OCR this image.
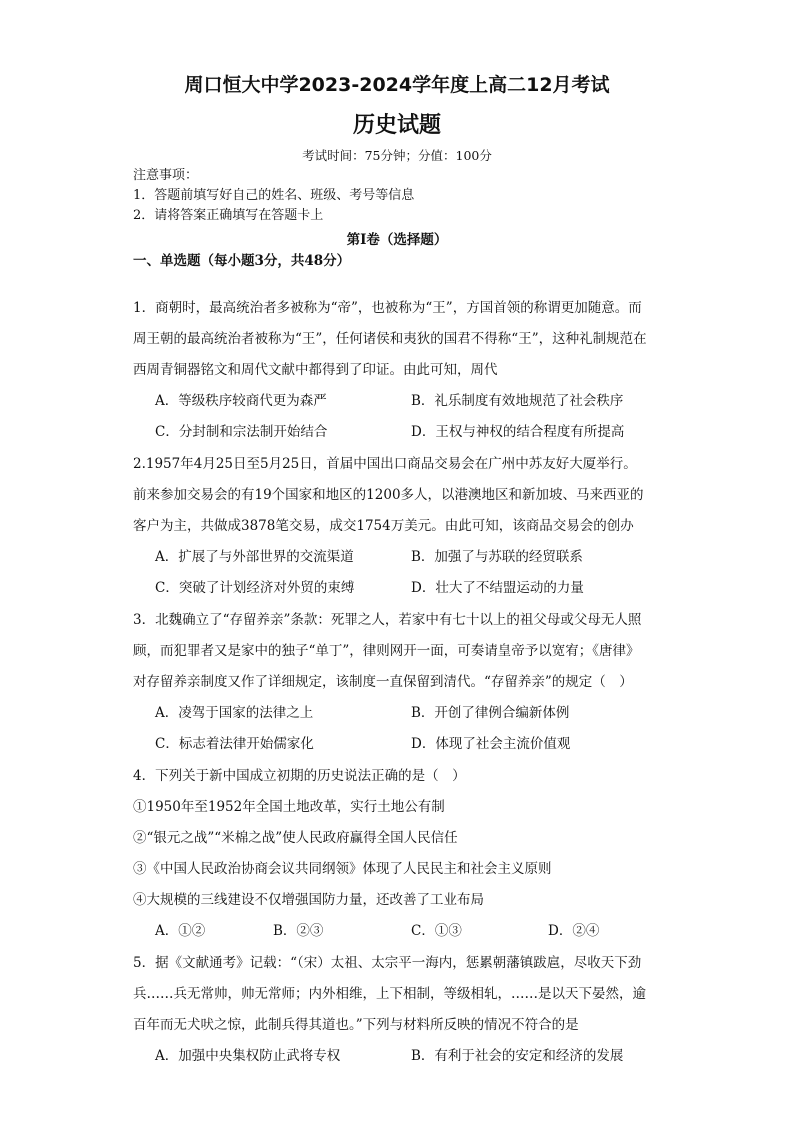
周口恒大中学2023-2024学年度上高二12月考试
历史试题
考试时间：75分钟；分值：100分
注意事项：
1．答题前填写好自己的姓名、班级、考号等信息
2．请将答案正确填写在答题卡上
第I卷（选择题）
一、单选题（每小题3分，共48分）
1．商朝时，最高统治者多被称为“帝”，也被称为“王”，方国首领的称谓更加随意。而
周王朝的最高统治者被称为“王”，任何诸侯和夷狄的国君不得称“王”，这种礼制规范在
西周青铜器铭文和周代文献中都得到了印证。由此可知，周代
A．等级秩序较商代更为森严	B．礼乐制度有效地规范了社会秩序
C．分封制和宗法制开始结合	D．王权与神权的结合程度有所提高
2.1957年4月25日至5月25日，首届中国出口商品交易会在广州中苏友好大厦举行。
前来参加交易会的有19个国家和地区的1200多人，以港澳地区和新加坡、马来西亚的
客户为主，共做成3878笔交易，成交1754万美元。由此可知，该商品交易会的创办
A．扩展了与外部世界的交流渠道	B．加强了与苏联的经贸联系
C．突破了计划经济对外贸的束缚	D．壮大了不结盟运动的力量
3．北魏确立了“存留养亲”条款：死罪之人，若家中有七十以上的祖父母或父母无人照
顾，而犯罪者又是家中的独子“单丁”，律则网开一面，可奏请皇帝予以宽宥；《唐律》
对存留养亲制度又作了详细规定，该制度一直保留到清代。“存留养亲”的规定（　）
A．凌驾于国家的法律之上	B．开创了律例合编新体例
C．标志着法律开始儒家化	D．体现了社会主流价值观
4．下列关于新中国成立初期的历史说法正确的是（　）
①1950年至1952年全国土地改革，实行土地公有制
②“银元之战”“米棉之战”使人民政府赢得全国人民信任
③《中国人民政治协商会议共同纲领》体现了人民民主和社会主义原则
④大规模的三线建设不仅增强国防力量，还改善了工业布局
A．①②	B．②③	C．①③	D．②④
5．据《文献通考》记载：“（宋）太祖、太宗平一海内，惩累朝藩镇跋扈，尽收天下劲
兵……兵无常帅，帅无常师；内外相维，上下相制，等级相轧，……是以天下晏然，逾
百年而无犬吠之惊，此制兵得其道也。”下列与材料所反映的情况不符合的是
A．加强中央集权防止武将专权	B．有利于社会的安定和经济的发展
